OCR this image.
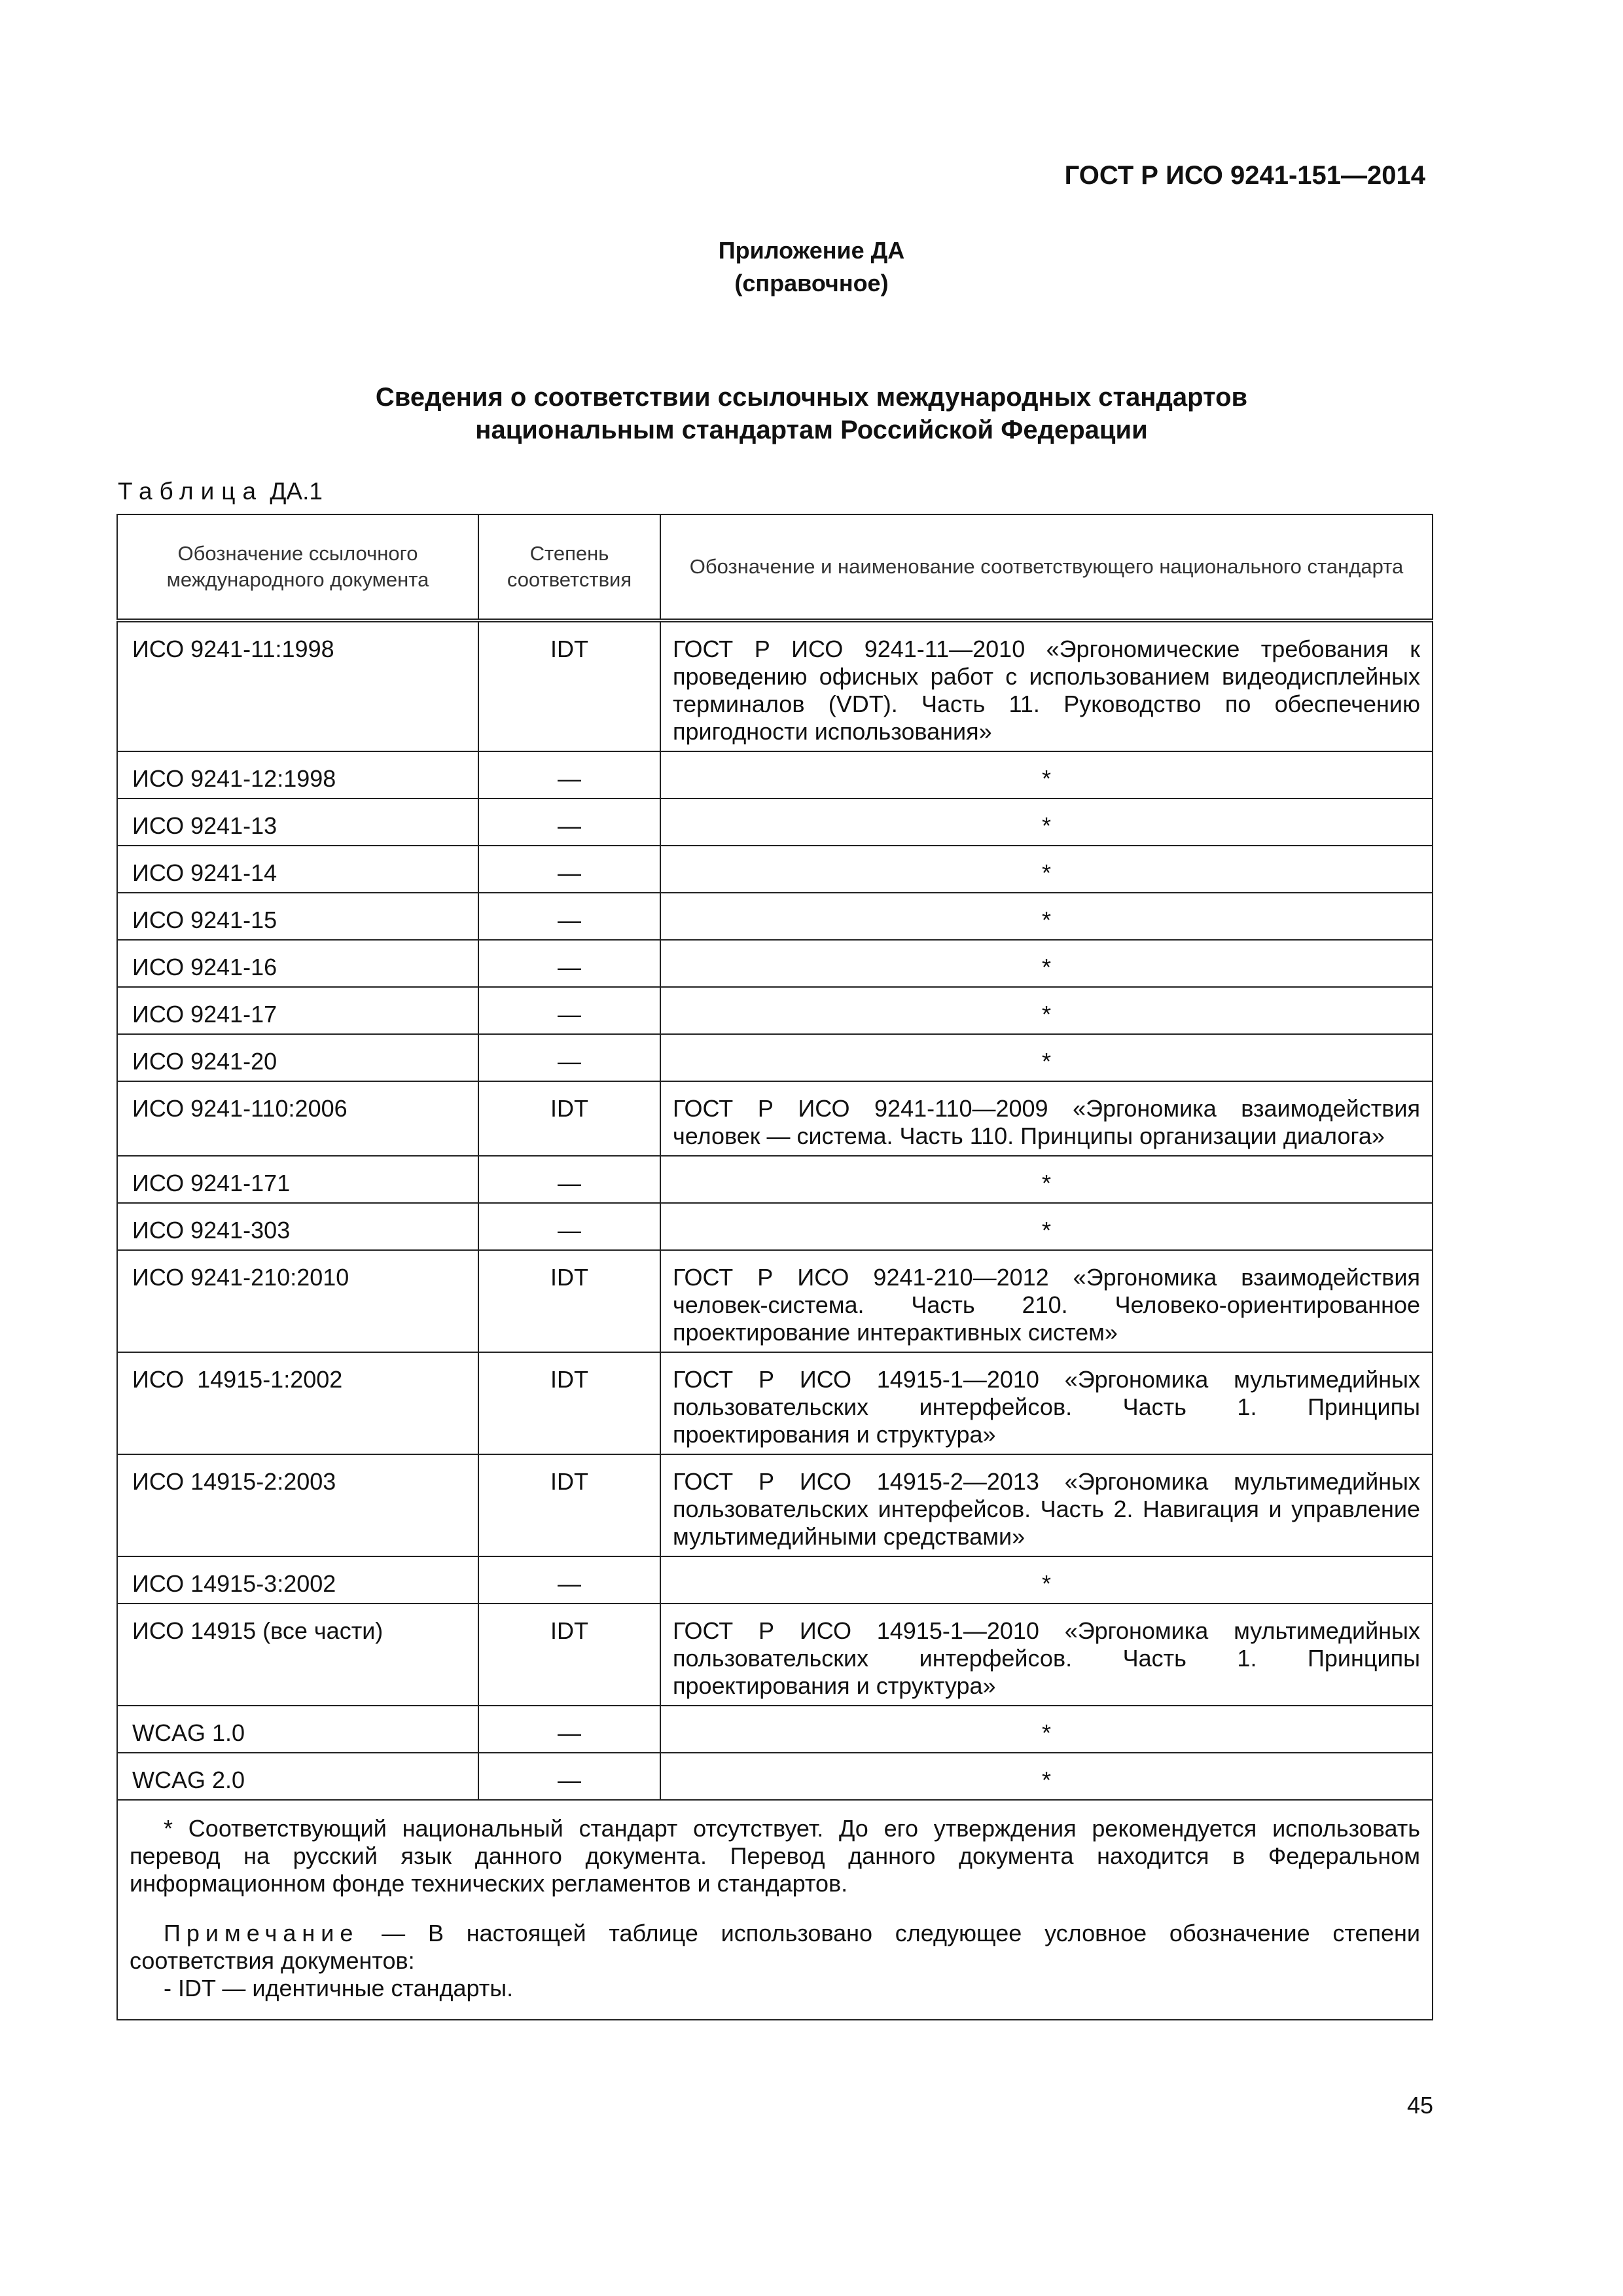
ГОСТ Р ИСО 9241-151—2014
Приложение ДА
(справочное)
Сведения о соответствии ссылочных международных стандартов
национальным стандартам Российской Федерации
Таблица ДА.1
Обозначение ссылочного международного документа	Степень соответствия	Обозначение и наименование соответствующего национального стандарта
ИСО 9241-11:1998	IDT	ГОСТ Р ИСО 9241-11—2010 «Эргономические требования к проведению офисных работ с использованием видеодисплейных терминалов (VDT). Часть 11. Руководство по обеспечению пригодности использования»
ИСО 9241-12:1998	—	*
ИСО 9241-13	—	*
ИСО 9241-14	—	*
ИСО 9241-15	—	*
ИСО 9241-16	—	*
ИСО 9241-17	—	*
ИСО 9241-20	—	*
ИСО 9241-110:2006	IDT	ГОСТ Р ИСО 9241-110—2009 «Эргономика взаимодействия человек — система. Часть 110. Принципы организации диалога»
ИСО 9241-171	—	*
ИСО 9241-303	—	*
ИСО 9241-210:2010	IDT	ГОСТ Р ИСО 9241-210—2012 «Эргономика взаимодействия человек-система. Часть 210. Человеко-ориентированное проектирование интерактивных систем»
ИСО  14915-1:2002	IDT	ГОСТ Р ИСО 14915-1—2010 «Эргономика мультимедийных пользовательских интерфейсов. Часть 1. Принципы проектирования и структура»
ИСО 14915-2:2003	IDT	ГОСТ Р ИСО 14915-2—2013 «Эргономика мультимедийных пользовательских интерфейсов. Часть 2. Навигация и управление мультимедийными средствами»
ИСО 14915-3:2002	—	*
ИСО 14915 (все части)	IDT	ГОСТ Р ИСО 14915-1—2010 «Эргономика мультимедийных пользовательских интерфейсов. Часть 1. Принципы проектирования и структура»
WCAG 1.0	—	*
WCAG 2.0	—	*

* Соответствующий национальный стандарт отсутствует. До его утверждения рекомендуется использовать перевод на русский язык данного документа. Перевод данного документа находится в Федеральном информационном фонде технических регламентов и стандартов.

Примечание — В настоящей таблице использовано следующее условное обозначение степени соответствия документов:

- IDT — идентичные стандарты.		

45
